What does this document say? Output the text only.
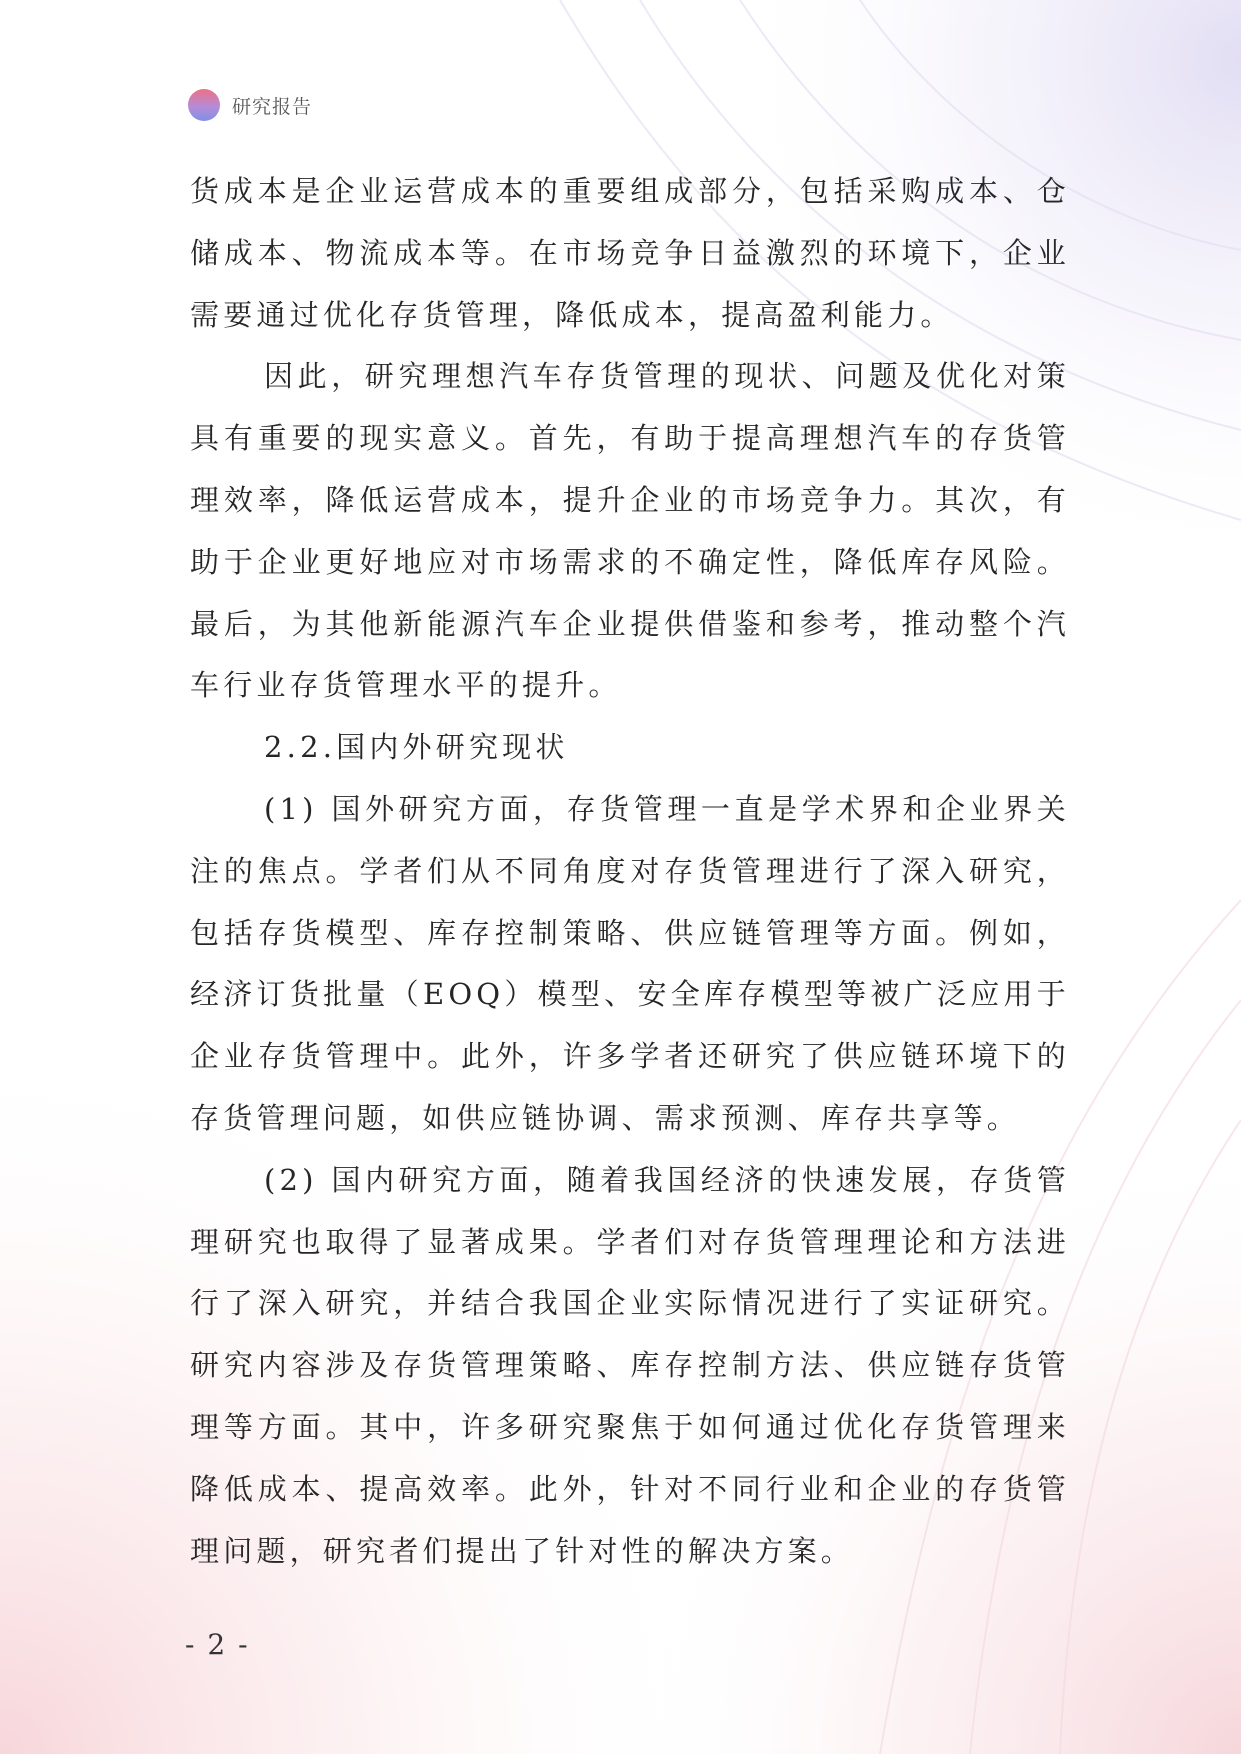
研究报告

货成本是企业运营成本的重要组成部分，包括采购成本、仓储成本、物流成本等。在市场竞争日益激烈的环境下，企业需要通过优化存货管理，降低成本，提高盈利能力。

因此，研究理想汽车存货管理的现状、问题及优化对策具有重要的现实意义。首先，有助于提高理想汽车的存货管理效率，降低运营成本，提升企业的市场竞争力。其次，有助于企业更好地应对市场需求的不确定性，降低库存风险。最后，为其他新能源汽车企业提供借鉴和参考，推动整个汽车行业存货管理水平的提升。

2.2.国内外研究现状

(1) 国外研究方面，存货管理一直是学术界和企业界关注的焦点。学者们从不同角度对存货管理进行了深入研究，包括存货模型、库存控制策略、供应链管理等方面。例如，经济订货批量（EOQ）模型、安全库存模型等被广泛应用于企业存货管理中。此外，许多学者还研究了供应链环境下的存货管理问题，如供应链协调、需求预测、库存共享等。

(2) 国内研究方面，随着我国经济的快速发展，存货管理研究也取得了显著成果。学者们对存货管理理论和方法进行了深入研究，并结合我国企业实际情况进行了实证研究。研究内容涉及存货管理策略、库存控制方法、供应链存货管理等方面。其中，许多研究聚焦于如何通过优化存货管理来降低成本、提高效率。此外，针对不同行业和企业的存货管理问题，研究者们提出了针对性的解决方案。

- 2 -
